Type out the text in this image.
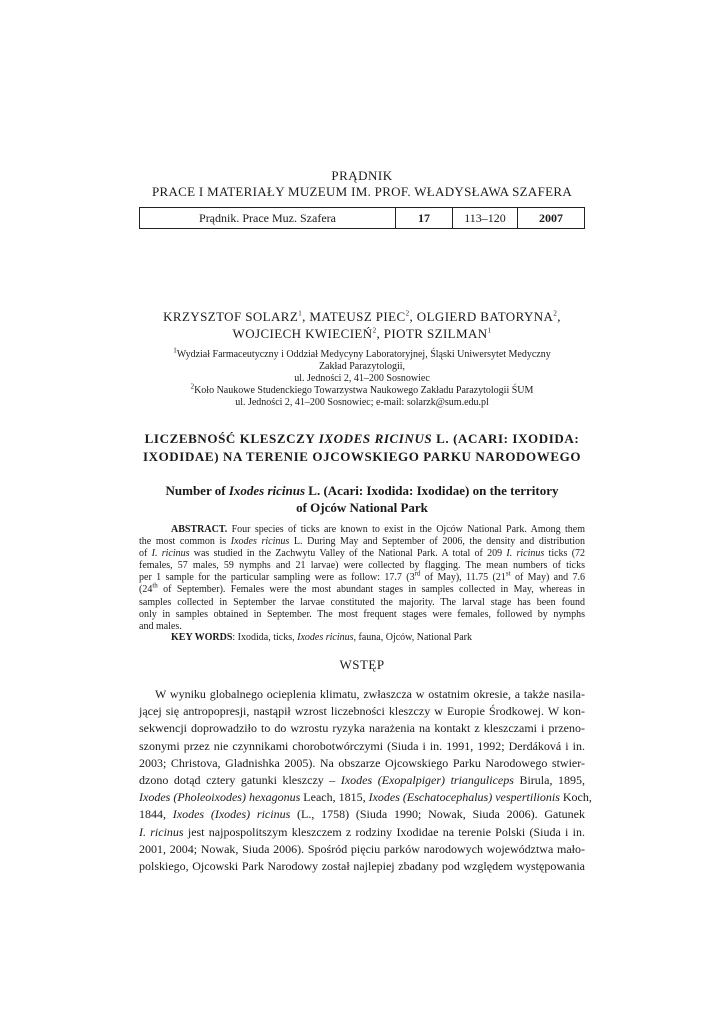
PRĄDNIK
PRACE I MATERIAŁY MUZEUM IM. PROF. WŁADYSŁAWA SZAFERA
Prądnik. Prace Muz. Szafera	17	113–120	2007
KRZYSZTOF SOLARZ$^1$, MATEUSZ PIEC$^2$, OLGIERD BATORYNA$^2$,
WOJCIECH KWIECIEŃ$^2$, PIOTR SZILMAN$^1$
$^1$Wydział Farmaceutyczny i Oddział Medycyny Laboratoryjnej, Śląski Uniwersytet Medyczny
Zakład Parazytologii,
ul. Jedności 2, 41–200 Sosnowiec
$^2$Koło Naukowe Studenckiego Towarzystwa Naukowego Zakładu Parazytologii ŚUM
ul. Jedności 2, 41–200 Sosnowiec; e-mail: solarzk@sum.edu.pl
LICZEBNOŚĆ KLESZCZY IXODES RICINUS L. (ACARI: IXODIDA:
IXODIDAE) NA TERENIE OJCOWSKIEGO PARKU NARODOWEGO
Number of Ixodes ricinus L. (Acari: Ixodida: Ixodidae) on the territory
of Ojców National Park
ABSTRACT. Four species of ticks are known to exist in the Ojców National Park. Among them
the most common is Ixodes ricinus L. During May and September of 2006, the density and distribution
of I. ricinus was studied in the Zachwytu Valley of the National Park. A total of 209 I. ricinus ticks (72
females, 57 males, 59 nymphs and 21 larvae) were collected by flagging. The mean numbers of ticks
per 1 sample for the particular sampling were as follow: 17.7 (3rd of May), 11.75 (21st of May) and 7.6
(24th of September). Females were the most abundant stages in samples collected in May, whereas in
samples collected in September the larvae constituted the majority. The larval stage has been found
only in samples obtained in September. The most frequent stages were females, followed by nymphs
and males.
KEY WORDS: Ixodida, ticks, Ixodes ricinus, fauna, Ojców, National Park
WSTĘP
W wyniku globalnego ocieplenia klimatu, zwłaszcza w ostatnim okresie, a także nasila-
jącej się antropopresji, nastąpił wzrost liczebności kleszczy w Europie Środkowej. W kon-
sekwencji doprowadziło to do wzrostu ryzyka narażenia na kontakt z kleszczami i przeno-
szonymi przez nie czynnikami chorobotwórczymi (Siuda i in. 1991, 1992; Derdáková i in.
2003; Christova, Gladnishka 2005). Na obszarze Ojcowskiego Parku Narodowego stwier-
dzono dotąd cztery gatunki kleszczy – Ixodes (Exopalpiger) trianguliceps Birula, 1895,
Ixodes (Pholeoixodes) hexagonus Leach, 1815, Ixodes (Eschatocephalus) vespertilionis Koch,
1844, Ixodes (Ixodes) ricinus (L., 1758) (Siuda 1990; Nowak, Siuda 2006). Gatunek
I. ricinus jest najpospolitszym kleszczem z rodziny Ixodidae na terenie Polski (Siuda i in.
2001, 2004; Nowak, Siuda 2006). Spośród pięciu parków narodowych województwa mało-
polskiego, Ojcowski Park Narodowy został najlepiej zbadany pod względem występowania
